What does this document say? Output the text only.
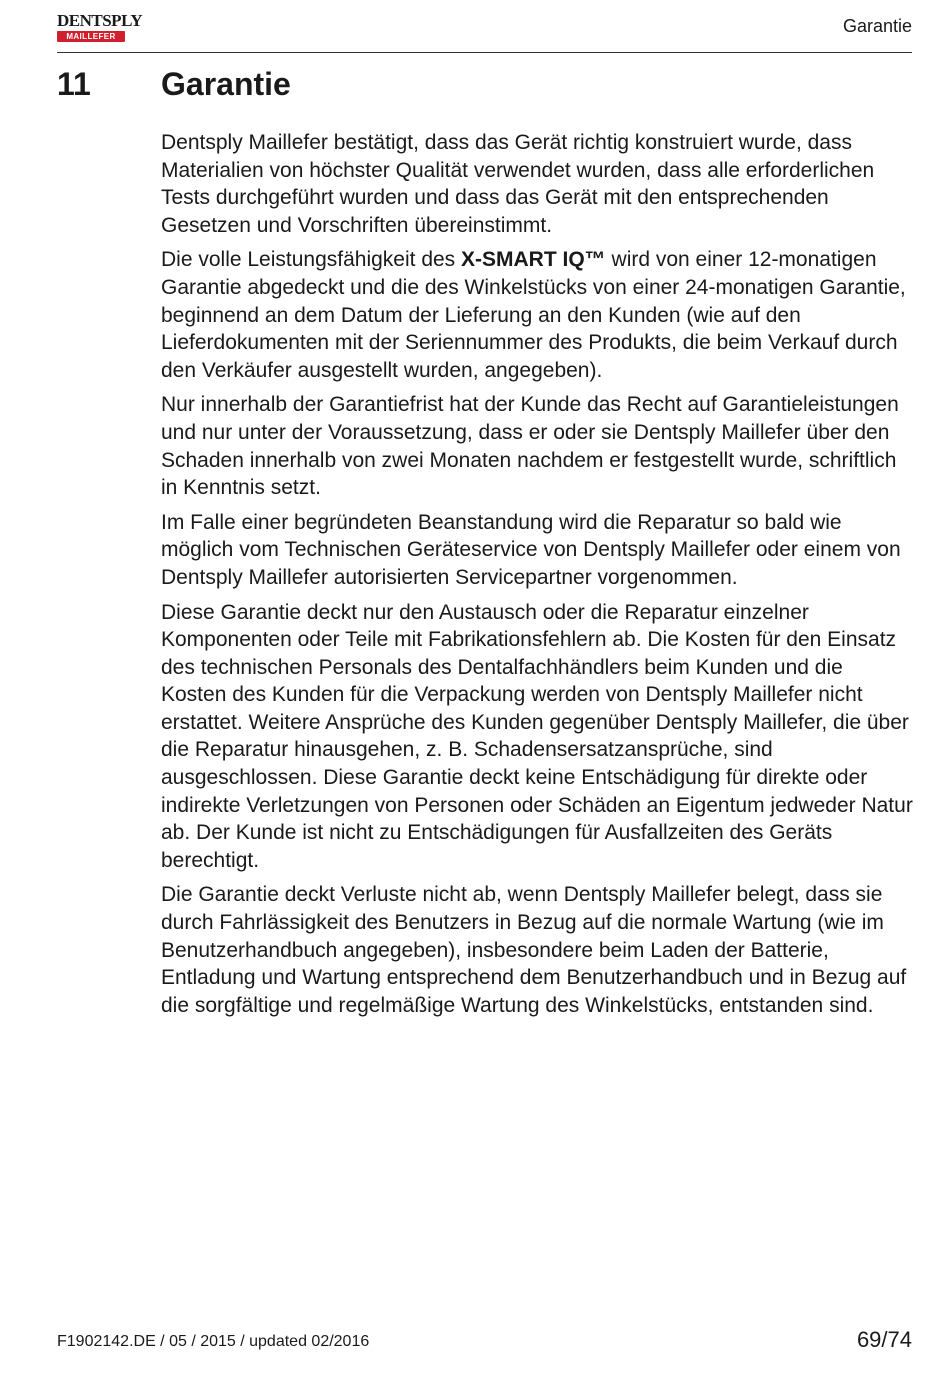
DENTSPLY
MAILLEFER
Garantie
11 Garantie

Dentsply Maillefer bestätigt, dass das Gerät richtig konstruiert wurde, dass Materialien von höchster Qualität verwendet wurden, dass alle erforderlichen Tests durchgeführt wurden und dass das Gerät mit den entsprechenden Gesetzen und Vorschriften übereinstimmt.

Die volle Leistungsfähigkeit des X-SMART IQ™ wird von einer 12-monatigen Garantie abgedeckt und die des Winkelstücks von einer 24-monatigen Garantie, beginnend an dem Datum der Lieferung an den Kunden (wie auf den Lieferdokumenten mit der Seriennummer des Produkts, die beim Verkauf durch den Verkäufer ausgestellt wurden, angegeben).

Nur innerhalb der Garantiefrist hat der Kunde das Recht auf Garantieleistungen und nur unter der Voraussetzung, dass er oder sie Dentsply Maillefer über den Schaden innerhalb von zwei Monaten nachdem er festgestellt wurde, schriftlich in Kenntnis setzt.

Im Falle einer begründeten Beanstandung wird die Reparatur so bald wie möglich vom Technischen Geräteservice von Dentsply Maillefer oder einem von Dentsply Maillefer autorisierten Servicepartner vorgenommen.

Diese Garantie deckt nur den Austausch oder die Reparatur einzelner Komponenten oder Teile mit Fabrikationsfehlern ab. Die Kosten für den Einsatz des technischen Personals des Dentalfachhändlers beim Kunden und die Kosten des Kunden für die Verpackung werden von Dentsply Maillefer nicht erstattet. Weitere Ansprüche des Kunden gegenüber Dentsply Maillefer, die über die Reparatur hinausgehen, z. B. Schadensersatzansprüche, sind ausgeschlossen. Diese Garantie deckt keine Entschädigung für direkte oder indirekte Verletzungen von Personen oder Schäden an Eigentum jedweder Natur ab. Der Kunde ist nicht zu Entschädigungen für Ausfallzeiten des Geräts berechtigt.

Die Garantie deckt Verluste nicht ab, wenn Dentsply Maillefer belegt, dass sie durch Fahrlässigkeit des Benutzers in Bezug auf die normale Wartung (wie im Benutzerhandbuch angegeben), insbesondere beim Laden der Batterie, Entladung und Wartung entsprechend dem Benutzerhandbuch und in Bezug auf die sorgfältige und regelmäßige Wartung des Winkelstücks, entstanden sind.

F1902142.DE / 05 / 2015 / updated 02/2016	69/74
